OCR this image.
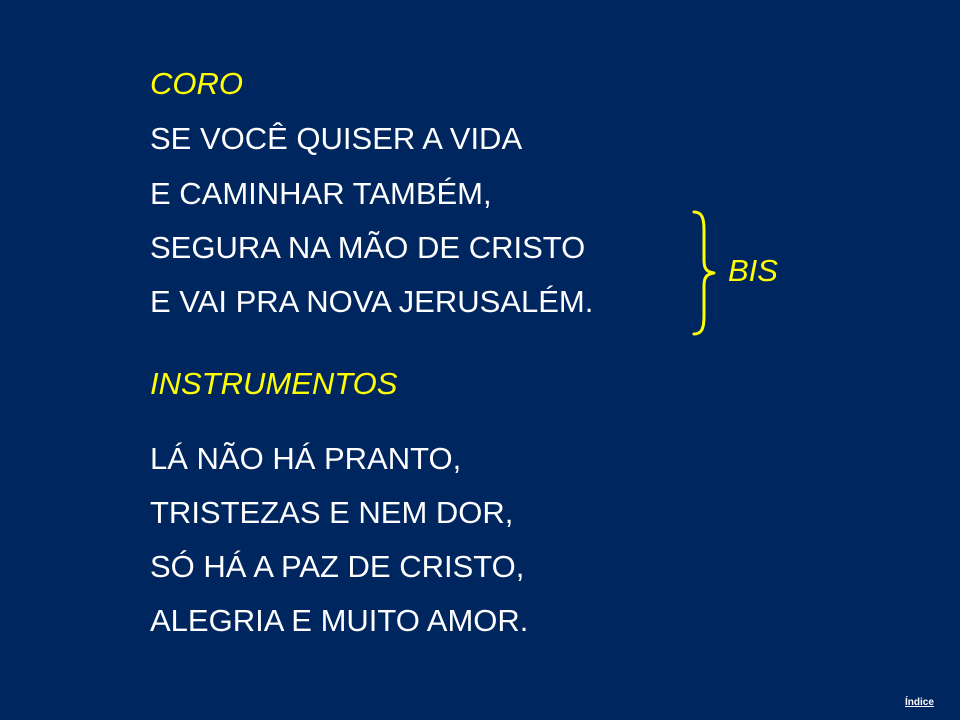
CORO
SE VOCÊ QUISER A VIDA
E CAMINHAR TAMBÉM,
SEGURA NA MÃO DE CRISTO
E VAI PRA NOVA JERUSALÉM.
BIS
INSTRUMENTOS
LÁ NÃO HÁ PRANTO,
TRISTEZAS E NEM DOR,
SÓ HÁ A PAZ DE CRISTO,
ALEGRIA E MUITO AMOR.
Índice
